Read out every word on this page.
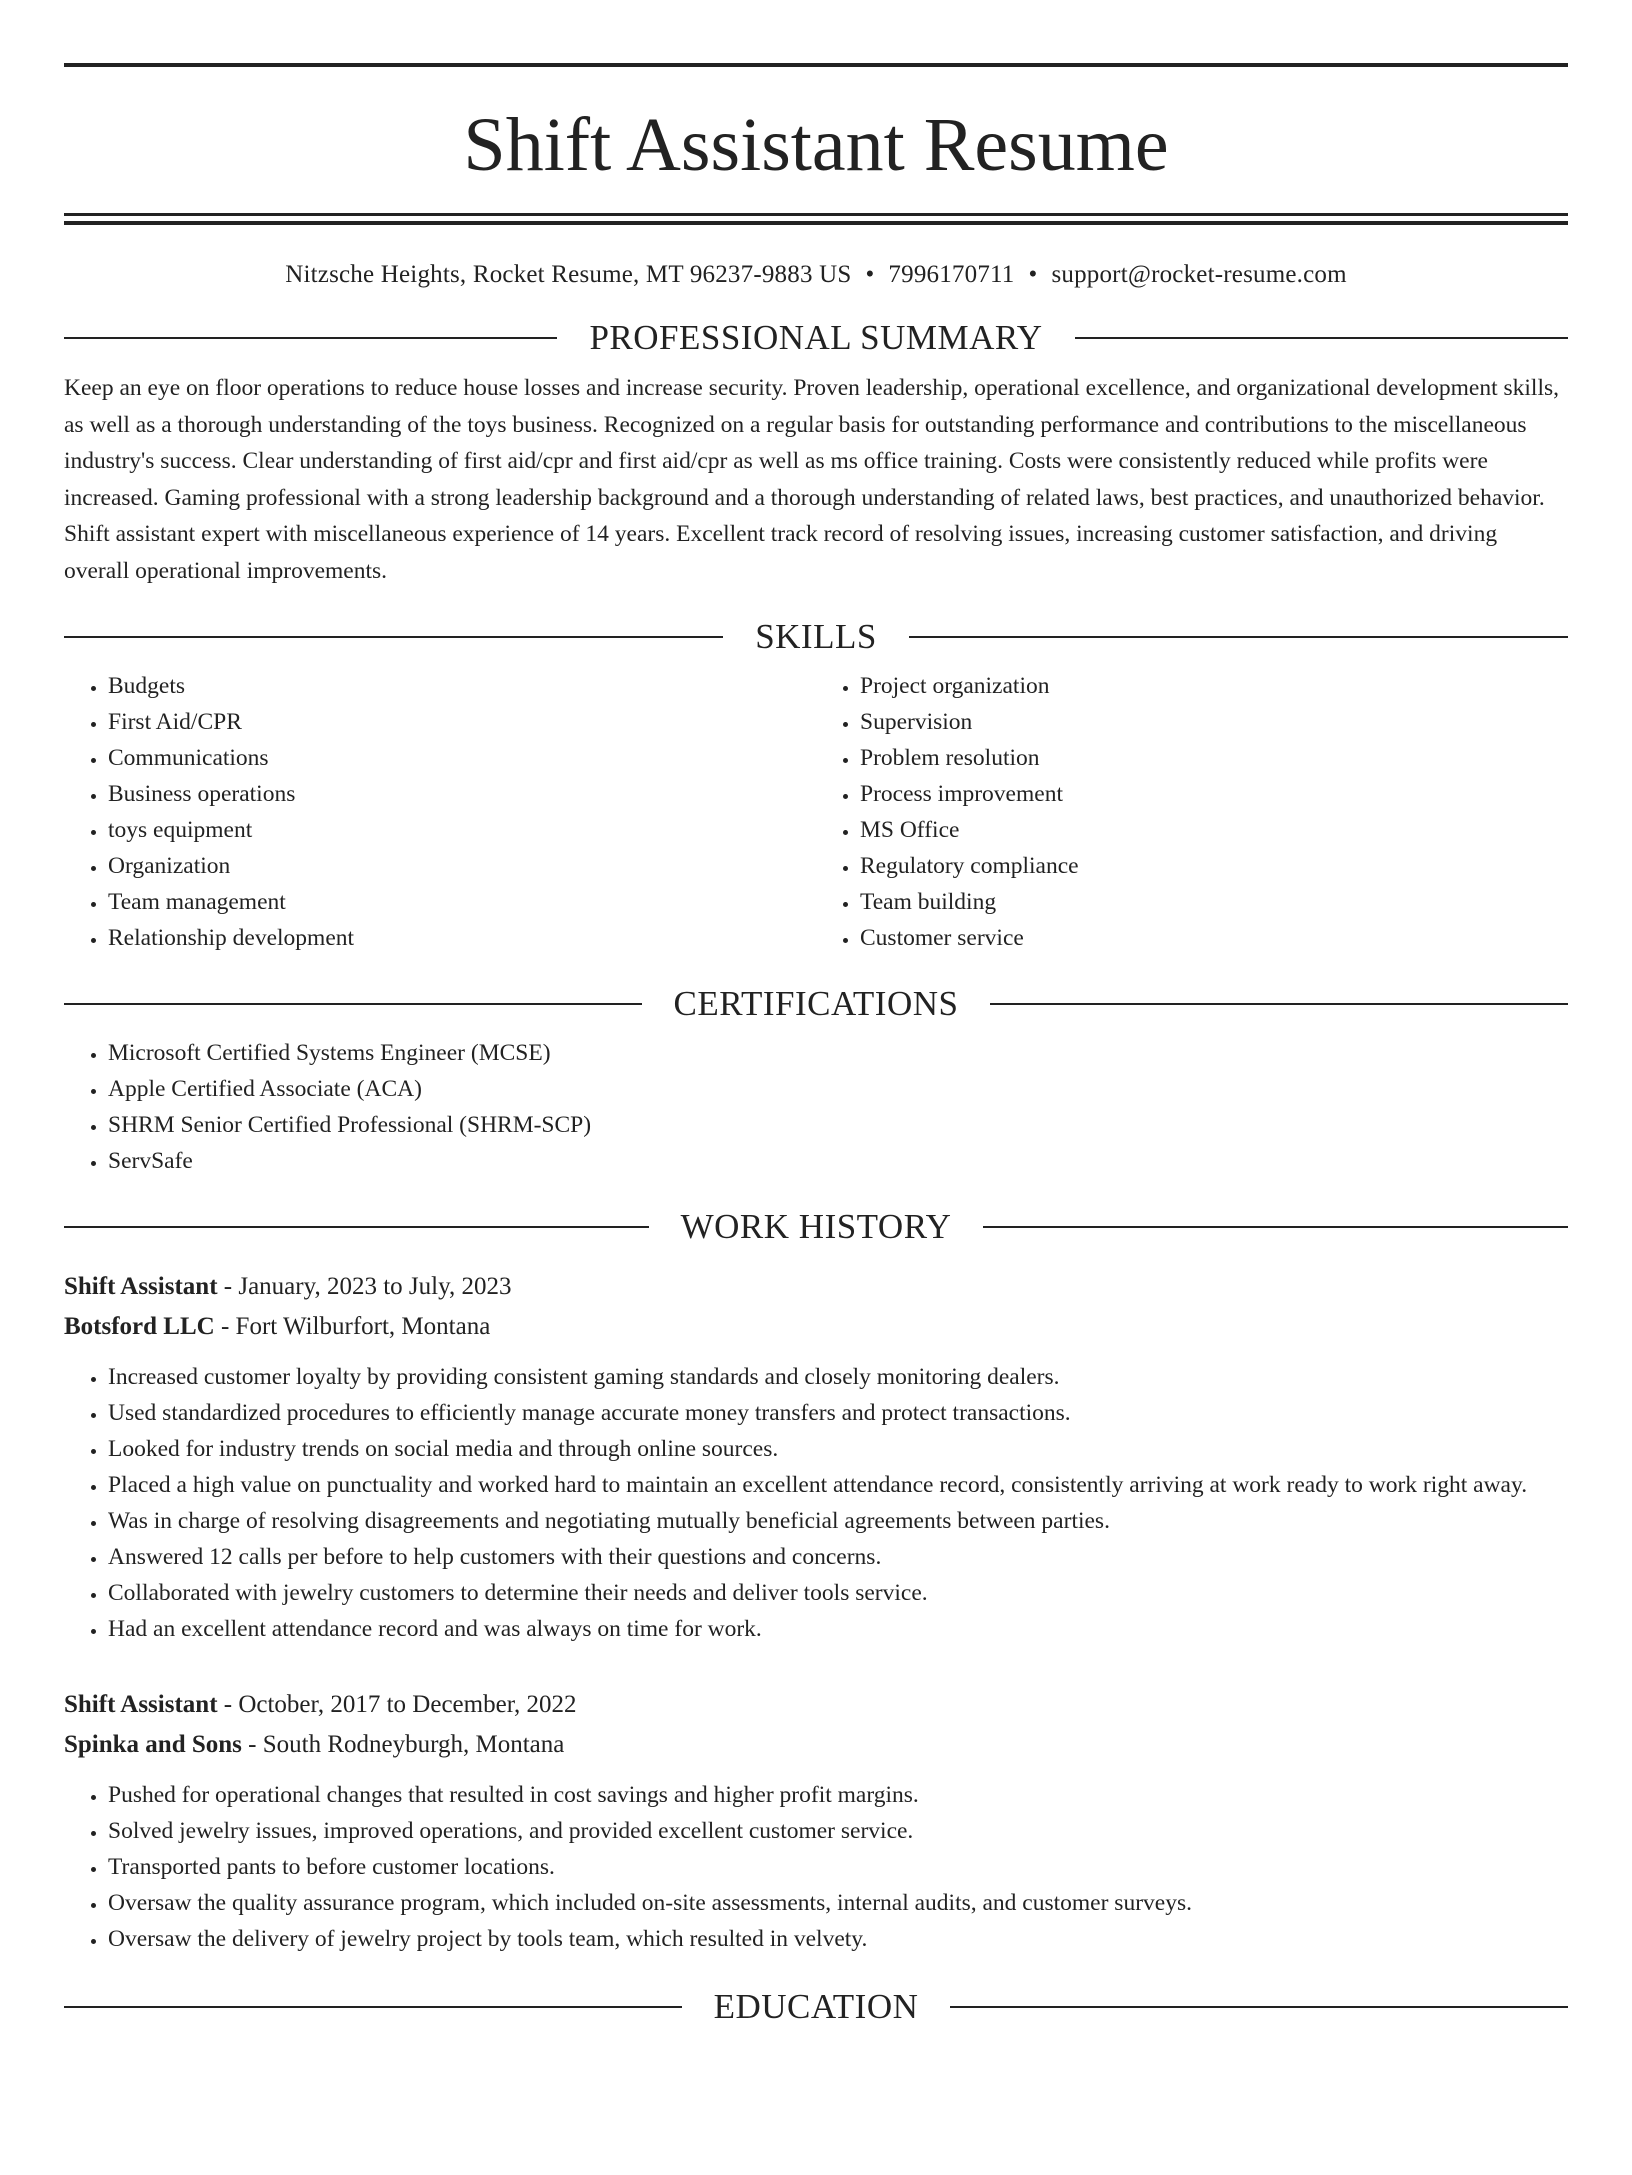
Shift Assistant Resume
Nitzsche Heights, Rocket Resume, MT 96237-9883 US • 7996170711 • support@rocket-resume.com
PROFESSIONAL SUMMARY

Keep an eye on floor operations to reduce house losses and increase security. Proven leadership, operational excellence, and organizational development skills, as well as a thorough understanding of the toys business. Recognized on a regular basis for outstanding performance and contributions to the miscellaneous industry's success. Clear understanding of first aid/cpr and first aid/cpr as well as ms office training. Costs were consistently reduced while profits were increased. Gaming professional with a strong leadership background and a thorough understanding of related laws, best practices, and unauthorized behavior. Shift assistant expert with miscellaneous experience of 14 years. Excellent track record of resolving issues, increasing customer satisfaction, and driving overall operational improvements.

SKILLS
• Budgets
• First Aid/CPR
• Communications
• Business operations
• toys equipment
• Organization
• Team management
• Relationship development
• Project organization
• Supervision
• Problem resolution
• Process improvement
• MS Office
• Regulatory compliance
• Team building
• Customer service
CERTIFICATIONS
• Microsoft Certified Systems Engineer (MCSE)
• Apple Certified Associate (ACA)
• SHRM Senior Certified Professional (SHRM-SCP)
• ServSafe
WORK HISTORY
Shift Assistant - January, 2023 to July, 2023
Botsford LLC - Fort Wilburfort, Montana
• Increased customer loyalty by providing consistent gaming standards and closely monitoring dealers.
• Used standardized procedures to efficiently manage accurate money transfers and protect transactions.
• Looked for industry trends on social media and through online sources.
• Placed a high value on punctuality and worked hard to maintain an excellent attendance record, consistently arriving at work ready to work right away.
• Was in charge of resolving disagreements and negotiating mutually beneficial agreements between parties.
• Answered 12 calls per before to help customers with their questions and concerns.
• Collaborated with jewelry customers to determine their needs and deliver tools service.
• Had an excellent attendance record and was always on time for work.
Shift Assistant - October, 2017 to December, 2022
Spinka and Sons - South Rodneyburgh, Montana
• Pushed for operational changes that resulted in cost savings and higher profit margins.
• Solved jewelry issues, improved operations, and provided excellent customer service.
• Transported pants to before customer locations.
• Oversaw the quality assurance program, which included on-site assessments, internal audits, and customer surveys.
• Oversaw the delivery of jewelry project by tools team, which resulted in velvety.
EDUCATION
